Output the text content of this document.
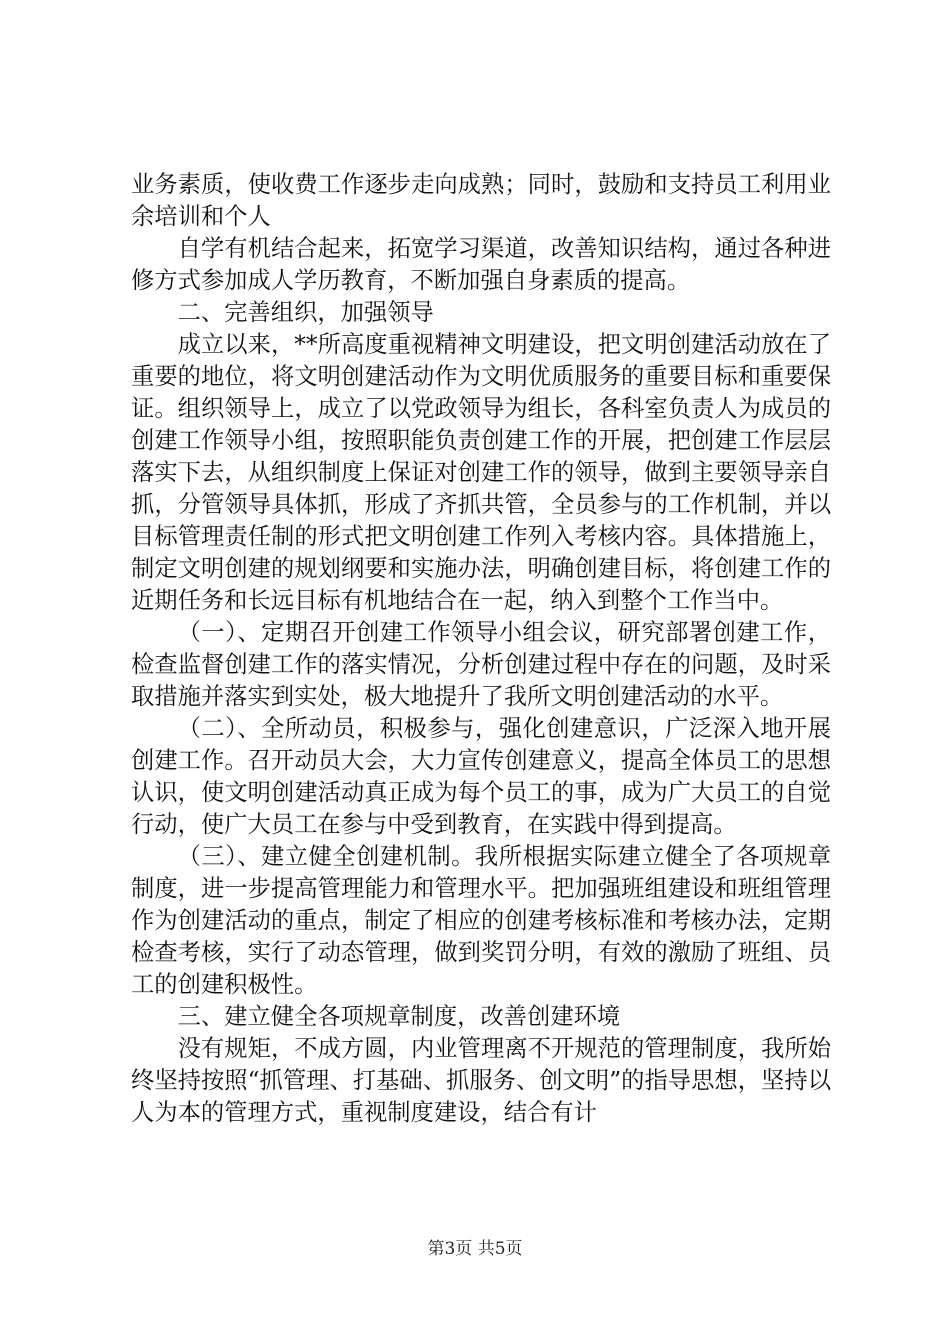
业务素质，使收费工作逐步走向成熟；同时，鼓励和支持员工利用业余培训和个人

自学有机结合起来，拓宽学习渠道，改善知识结构，通过各种进修方式参加成人学历教育，不断加强自身素质的提高。

二、完善组织，加强领导

成立以来，**所高度重视精神文明建设，把文明创建活动放在了重要的地位，将文明创建活动作为文明优质服务的重要目标和重要保证。组织领导上，成立了以党政领导为组长，各科室负责人为成员的创建工作领导小组，按照职能负责创建工作的开展，把创建工作层层落实下去，从组织制度上保证对创建工作的领导，做到主要领导亲自抓，分管领导具体抓，形成了齐抓共管，全员参与的工作机制，并以目标管理责任制的形式把文明创建工作列入考核内容。具体措施上，制定文明创建的规划纲要和实施办法，明确创建目标，将创建工作的近期任务和长远目标有机地结合在一起，纳入到整个工作当中。

（一）、定期召开创建工作领导小组会议，研究部署创建工作，检查监督创建工作的落实情况，分析创建过程中存在的问题，及时采取措施并落实到实处，极大地提升了我所文明创建活动的水平。

（二）、全所动员，积极参与，强化创建意识，广泛深入地开展创建工作。召开动员大会，大力宣传创建意义，提高全体员工的思想认识，使文明创建活动真正成为每个员工的事，成为广大员工的自觉行动，使广大员工在参与中受到教育，在实践中得到提高。

（三）、建立健全创建机制。我所根据实际建立健全了各项规章制度，进一步提高管理能力和管理水平。把加强班组建设和班组管理作为创建活动的重点，制定了相应的创建考核标准和考核办法，定期检查考核，实行了动态管理，做到奖罚分明，有效的激励了班组、员工的创建积极性。

三、建立健全各项规章制度，改善创建环境

没有规矩，不成方圆，内业管理离不开规范的管理制度，我所始终坚持按照“抓管理、打基础、抓服务、创文明”的指导思想，坚持以人为本的管理方式，重视制度建设，结合有计

第3页 共5页
